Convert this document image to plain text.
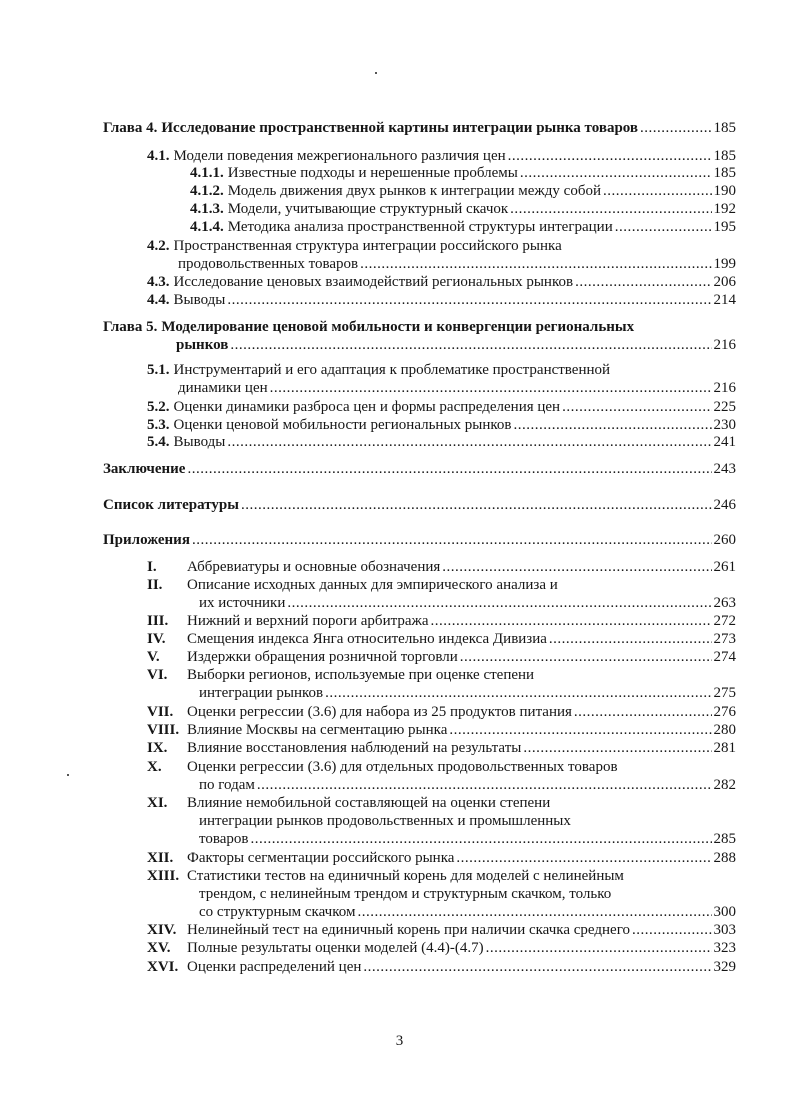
Глава 4. Исследование пространственной картины интеграции рынка товаров .....	185
4.1. Модели поведения межрегионального различия цен .....	185
4.1.1. Известные подходы и нерешенные проблемы .....	185
4.1.2. Модель движения двух рынков к интеграции между собой .....	190
4.1.3. Модели, учитывающие структурный скачок .....	192
4.1.4. Методика анализа пространственной структуры интеграции .....	195
4.2. Пространственная структура интеграции российского рынка
продовольственных товаров .....	199
4.3. Исследование ценовых взаимодействий региональных рынков .....	206
4.4. Выводы .....	214
Глава 5. Моделирование ценовой мобильности и конвергенции региональных
рынков .....	216
5.1. Инструментарий и его адаптация к проблематике пространственной
динамики цен .....	216
5.2. Оценки динамики разброса цен и формы распределения цен .....	225
5.3. Оценки ценовой мобильности региональных рынков .....	230
5.4. Выводы .....	241
Заключение .....	243
Список литературы .....	246
Приложения .....	260
I.	Аббревиатуры и основные обозначения .....	261
II.	Описание исходных данных для эмпирического анализа и
их источники .....	263
III.	Нижний и верхний пороги арбитража .....	272
IV.	Смещения индекса Янга относительно индекса Дивизиа .....	273
V.	Издержки обращения розничной торговли .....	274
VI.	Выборки регионов, используемые при оценке степени
интеграции рынков .....	275
VII. Оценки регрессии (3.6) для набора из 25 продуктов питания .....	276
VIII. Влияние Москвы на сегментацию рынка .....	280
IX.	Влияние восстановления наблюдений на результаты .....	281
X.	Оценки регрессии (3.6) для отдельных продовольственных товаров
по годам .....	282
XI.	Влияние немобильной составляющей на оценки степени
интеграции рынков продовольственных и промышленных
товаров .....	285
XII. Факторы сегментации российского рынка .....	288
XIII. Статистики тестов на единичный корень для моделей с нелинейным
трендом, с нелинейным трендом и структурным скачком, только
со структурным скачком .....	300
XIV. Нелинейный тест на единичный корень при наличии скачка среднего .....	303
XV.	Полные результаты оценки моделей (4.4)-(4.7) .....	323
XVI. Оценки распределений цен .....	329
3
